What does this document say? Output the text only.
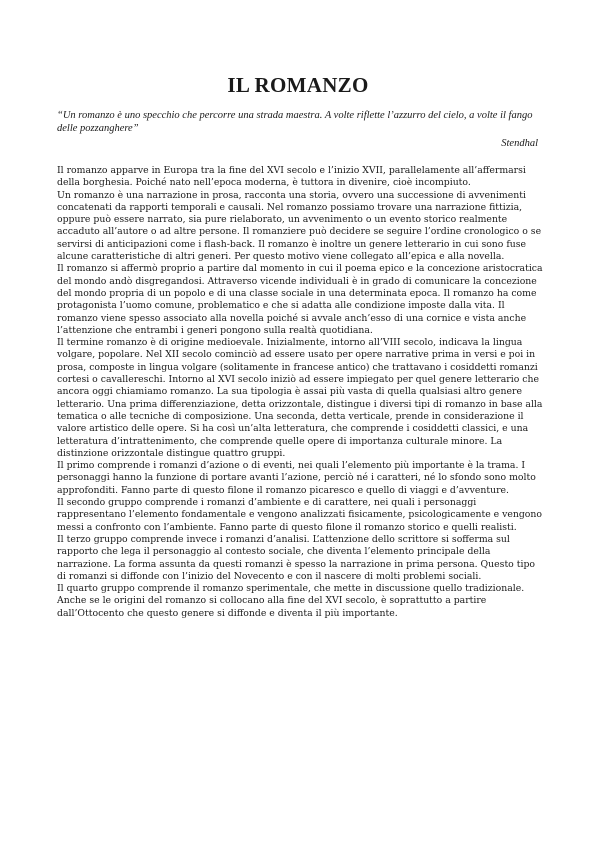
IL ROMANZO

“Un romanzo è uno specchio che percorre una strada maestra. A volte riflette l’azzurro del cielo, a volte il fango delle pozzanghere”

Stendhal

Il romanzo apparve in Europa tra la fine del XVI secolo e l’inizio XVII, parallelamente all’affermarsi della borghesia. Poiché nato nell’epoca moderna, è tuttora in divenire, cioè incompiuto.

Un romanzo è una narrazione in prosa, racconta una storia, ovvero una successione di avvenimenti concatenati da rapporti temporali e causali. Nel romanzo possiamo trovare una narrazione fittizia, oppure può essere narrato, sia pure rielaborato, un avvenimento o un evento storico realmente accaduto all’autore o ad altre persone. Il romanziere può decidere se seguire l’ordine cronologico o se servirsi di anticipazioni come i flash-back. Il romanzo è inoltre un genere letterario in cui sono fuse alcune caratteristiche di altri generi. Per questo motivo viene collegato all’epica e alla novella.

Il romanzo si affermò proprio a partire dal momento in cui il poema epico e la concezione aristocratica del mondo andò disgregandosi. Attraverso vicende individuali è in grado di comunicare la concezione del mondo propria di un popolo e di una classe sociale in una determinata epoca. Il romanzo ha come protagonista l’uomo comune, problematico e che si adatta alle condizione imposte dalla vita. Il romanzo viene spesso associato alla novella poiché si avvale anch’esso di una cornice e vista anche l’attenzione che entrambi i generi pongono sulla realtà quotidiana.

Il termine romanzo è di origine medioevale. Inizialmente, intorno all’VIII secolo, indicava la lingua volgare, popolare. Nel XII secolo cominciò ad essere usato per opere narrative prima in versi e poi in prosa, composte in lingua volgare (solitamente in francese antico) che trattavano i cosiddetti romanzi cortesi o cavallereschi. Intorno al XVI secolo iniziò ad essere impiegato per quel genere letterario che ancora oggi chiamiamo romanzo. La sua tipologia è assai più vasta di quella qualsiasi altro genere letterario. Una prima differenziazione, detta orizzontale, distingue i diversi tipi di romanzo in base alla tematica o alle tecniche di composizione. Una seconda, detta verticale, prende in considerazione il valore artistico delle opere. Si ha così un’alta letteratura, che comprende i cosiddetti classici, e una letteratura d’intrattenimento, che comprende quelle opere di importanza culturale minore. La distinzione orizzontale distingue quattro gruppi.

Il primo comprende i romanzi d’azione o di eventi, nei quali l’elemento più importante è la trama. I personaggi hanno la funzione di portare avanti l’azione, perciò né i caratteri, né lo sfondo sono molto approfonditi. Fanno parte di questo filone il romanzo picaresco e quello di viaggi e d’avventure.

Il secondo gruppo comprende i romanzi d’ambiente e di carattere, nei quali i personaggi rappresentano l’elemento fondamentale e vengono analizzati fisicamente, psicologicamente e vengono messi a confronto con l’ambiente. Fanno parte di questo filone il romanzo storico e quelli realisti.

Il terzo gruppo comprende invece i romanzi d’analisi. L’attenzione dello scrittore si sofferma sul rapporto che lega il personaggio al contesto sociale, che diventa l’elemento principale della narrazione. La forma assunta da questi romanzi è spesso la narrazione in prima persona. Questo tipo di romanzi si diffonde con l’inizio del Novecento e con il nascere di molti problemi sociali.

Il quarto gruppo comprende il romanzo sperimentale, che mette in discussione quello tradizionale.

Anche se le origini del romanzo si collocano alla fine del XVI secolo, è soprattutto a partire dall’Ottocento che questo genere si diffonde e diventa il più importante.
